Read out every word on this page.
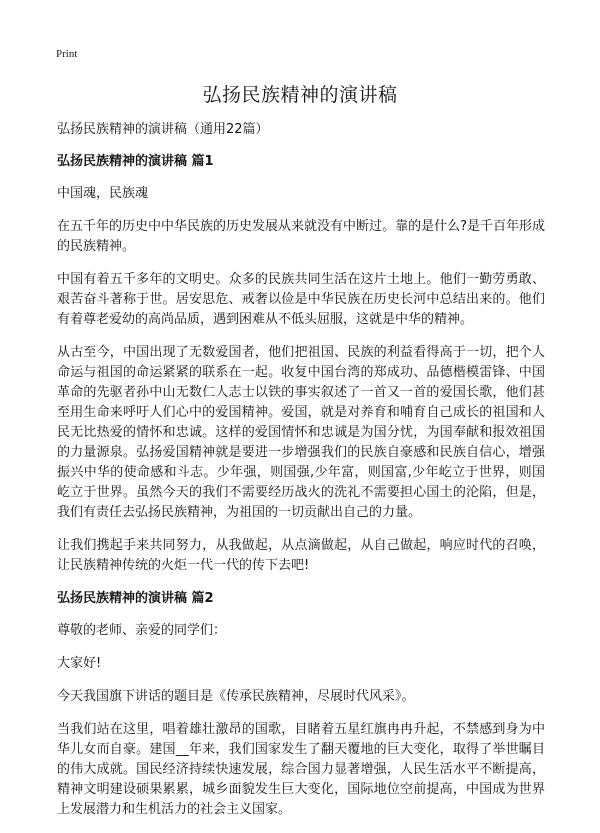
Print
弘扬民族精神的演讲稿
弘扬民族精神的演讲稿（通用22篇）
弘扬民族精神的演讲稿 篇1

中国魂，民族魂

在五千年的历史中中华民族的历史发展从来就没有中断过。靠的是什么?是千百年形成的民族精神。

中国有着五千多年的文明史。众多的民族共同生活在这片土地上。他们一勤劳勇敢、艰苦奋斗著称于世。居安思危、戒奢以俭是中华民族在历史长河中总结出来的。他们有着尊老爱幼的高尚品质，遇到困难从不低头屈服，这就是中华的精神。

从古至今，中国出现了无数爱国者，他们把祖国、民族的利益看得高于一切，把个人命运与祖国的命运紧紧的联系在一起。收复中国台湾的郑成功、品德楷模雷锋、中国革命的先驱者孙中山无数仁人志士以铁的事实叙述了一首又一首的爱国长歌，他们甚至用生命来呼吁人们心中的爱国精神。爱国，就是对养育和哺育自己成长的祖国和人民无比热爱的情怀和忠诚。这样的爱国情怀和忠诚是为国分忧，为国奉献和报效祖国的力量源泉。弘扬爱国精神就是要进一步增强我们的民族自豪感和民族自信心，增强振兴中华的使命感和斗志。少年强，则国强,少年富，则国富,少年屹立于世界，则国屹立于世界。虽然今天的我们不需要经历战火的洗礼不需要担心国土的沦陷，但是，我们有责任去弘扬民族精神，为祖国的一切贡献出自己的力量。

让我们携起手来共同努力，从我做起，从点滴做起，从自己做起，响应时代的召唤，让民族精神传统的火炬一代一代的传下去吧!

弘扬民族精神的演讲稿 篇2

尊敬的老师、亲爱的同学们：

大家好!

今天我国旗下讲话的题目是《传承民族精神，尽展时代风采》。

当我们站在这里，唱着雄壮激昂的国歌，目睹着五星红旗冉冉升起，不禁感到身为中华儿女而自豪。建国__年来，我们国家发生了翻天覆地的巨大变化，取得了举世瞩目的伟大成就。国民经济持续快速发展，综合国力显著增强，人民生活水平不断提高，精神文明建设硕果累累，城乡面貌发生巨大变化，国际地位空前提高，中国成为世界上发展潜力和生机活力的社会主义国家。
